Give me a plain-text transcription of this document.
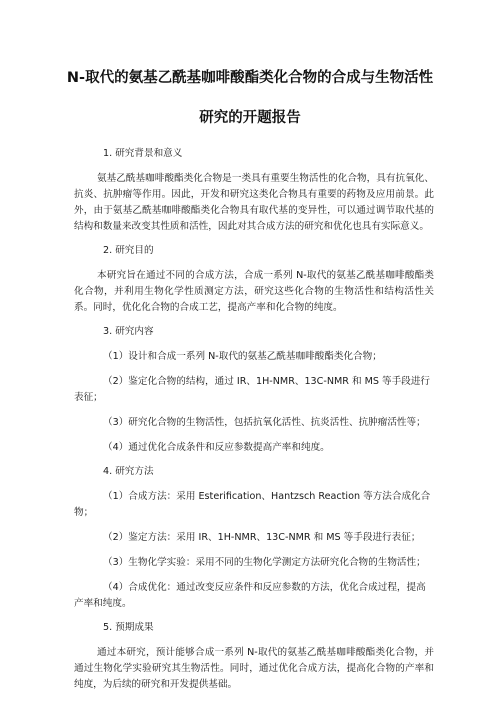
N-取代的氨基乙酰基咖啡酸酯类化合物的合成与生物活性
研究的开题报告
1. 研究背景和意义
氨基乙酰基咖啡酸酯类化合物是一类具有重要生物活性的化合物，具有抗氧化、抗炎、抗肿瘤等作用。因此，开发和研究这类化合物具有重要的药物及应用前景。此外，由于氨基乙酰基咖啡酸酯类化合物具有取代基的变异性，可以通过调节取代基的结构和数量来改变其性质和活性，因此对其合成方法的研究和优化也具有实际意义。
2. 研究目的
本研究旨在通过不同的合成方法，合成一系列 N-取代的氨基乙酰基咖啡酸酯类化合物，并利用生物化学性质测定方法，研究这些化合物的生物活性和结构活性关系。同时，优化化合物的合成工艺，提高产率和化合物的纯度。
3. 研究内容
（1）设计和合成一系列 N-取代的氨基乙酰基咖啡酸酯类化合物；
（2）鉴定化合物的结构，通过 IR、1H-NMR、13C-NMR 和 MS 等手段进行表征；
（3）研究化合物的生物活性，包括抗氧化活性、抗炎活性、抗肿瘤活性等；
（4）通过优化合成条件和反应参数提高产率和纯度。
4. 研究方法
（1）合成方法：采用 Esterification、Hantzsch Reaction 等方法合成化合物；
（2）鉴定方法：采用 IR、1H-NMR、13C-NMR 和 MS 等手段进行表征；
（3）生物化学实验：采用不同的生物化学测定方法研究化合物的生物活性；
（4）合成优化：通过改变反应条件和反应参数的方法，优化合成过程，提高产率和纯度。
5. 预期成果
通过本研究，预计能够合成一系列 N-取代的氨基乙酰基咖啡酸酯类化合物，并通过生物化学实验研究其生物活性。同时，通过优化合成方法，提高化合物的产率和纯度，为后续的研究和开发提供基础。
